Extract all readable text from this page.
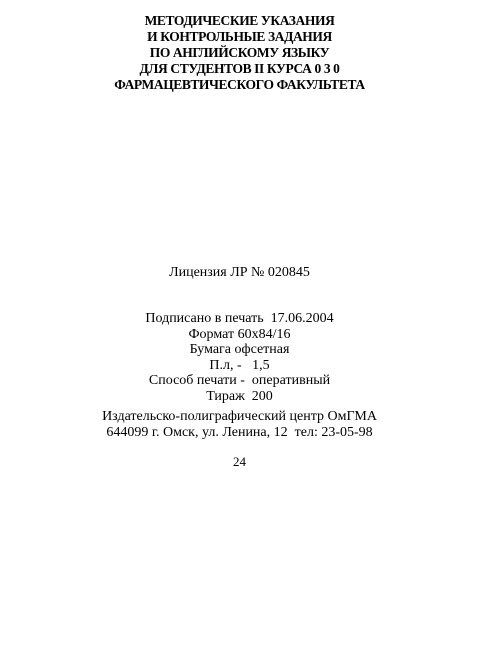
МЕТОДИЧЕСКИЕ УКАЗАНИЯ
И КОНТРОЛЬНЫЕ ЗАДАНИЯ
ПО АНГЛИЙСКОМУ ЯЗЫКУ
ДЛЯ СТУДЕНТОВ II КУРСА 0 3 0
ФАРМАЦЕВТИЧЕСКОГО ФАКУЛЬТЕТА
Лицензия ЛР № 020845
Подписано в печать  17.06.2004
Формат 60х84/16
Бумага офсетная
П.л, -   1,5
Способ печати -  оперативный
Тираж  200
Издательско-полиграфический центр ОмГМА
644099 г. Омск, ул. Ленина, 12  тел: 23-05-98
24
